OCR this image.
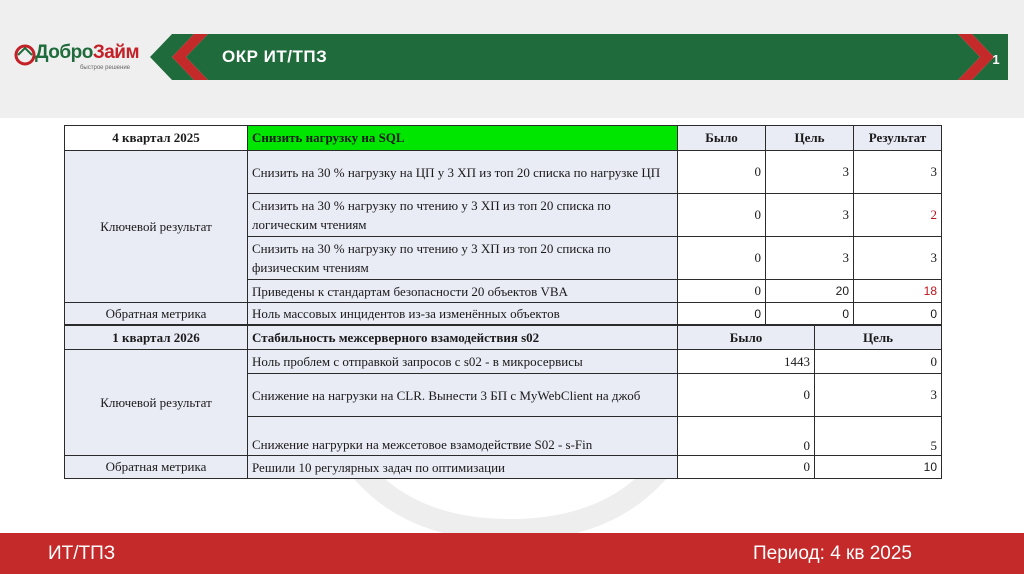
ДоброЗайм
быстрое решение
ОКР ИТ/ТПЗ	1
4 квартал 2025	Снизить нагрузку на SQL	Было	Цель	Результат
Ключевой результат	Снизить на 30 % нагрузку на ЦП у 3 ХП из топ 20 списка по нагрузке ЦП	0	3	3
	Снизить на 30 % нагрузку по чтению у 3 ХП из топ 20 списка по логическим чтениям	0	3	2
	Снизить на 30 % нагрузку по чтению у 3 ХП из топ 20 списка по физическим чтениям	0	3	3
	Приведены к стандартам безопасности 20 объектов VBA	0	20	18
Обратная метрика	Ноль массовых инцидентов из-за изменённых объектов	0	0	0
1 квартал 2026	Стабильность межсерверного взамодействия s02	Было	Цель
Ключевой результат	Ноль проблем с отправкой запросов с s02 - в микросервисы	1443	0
	Снижение на нагрузки на CLR. Вынести 3 БП с MyWebClient на джоб	0	3
	Снижение нагрурки на межсетовое взамодействие S02 - s-Fin	0	5
Обратная метрика	Решили 10 регулярных задач по оптимизации	0	10
ИТ/ТПЗ	Период: 4 кв 2025
